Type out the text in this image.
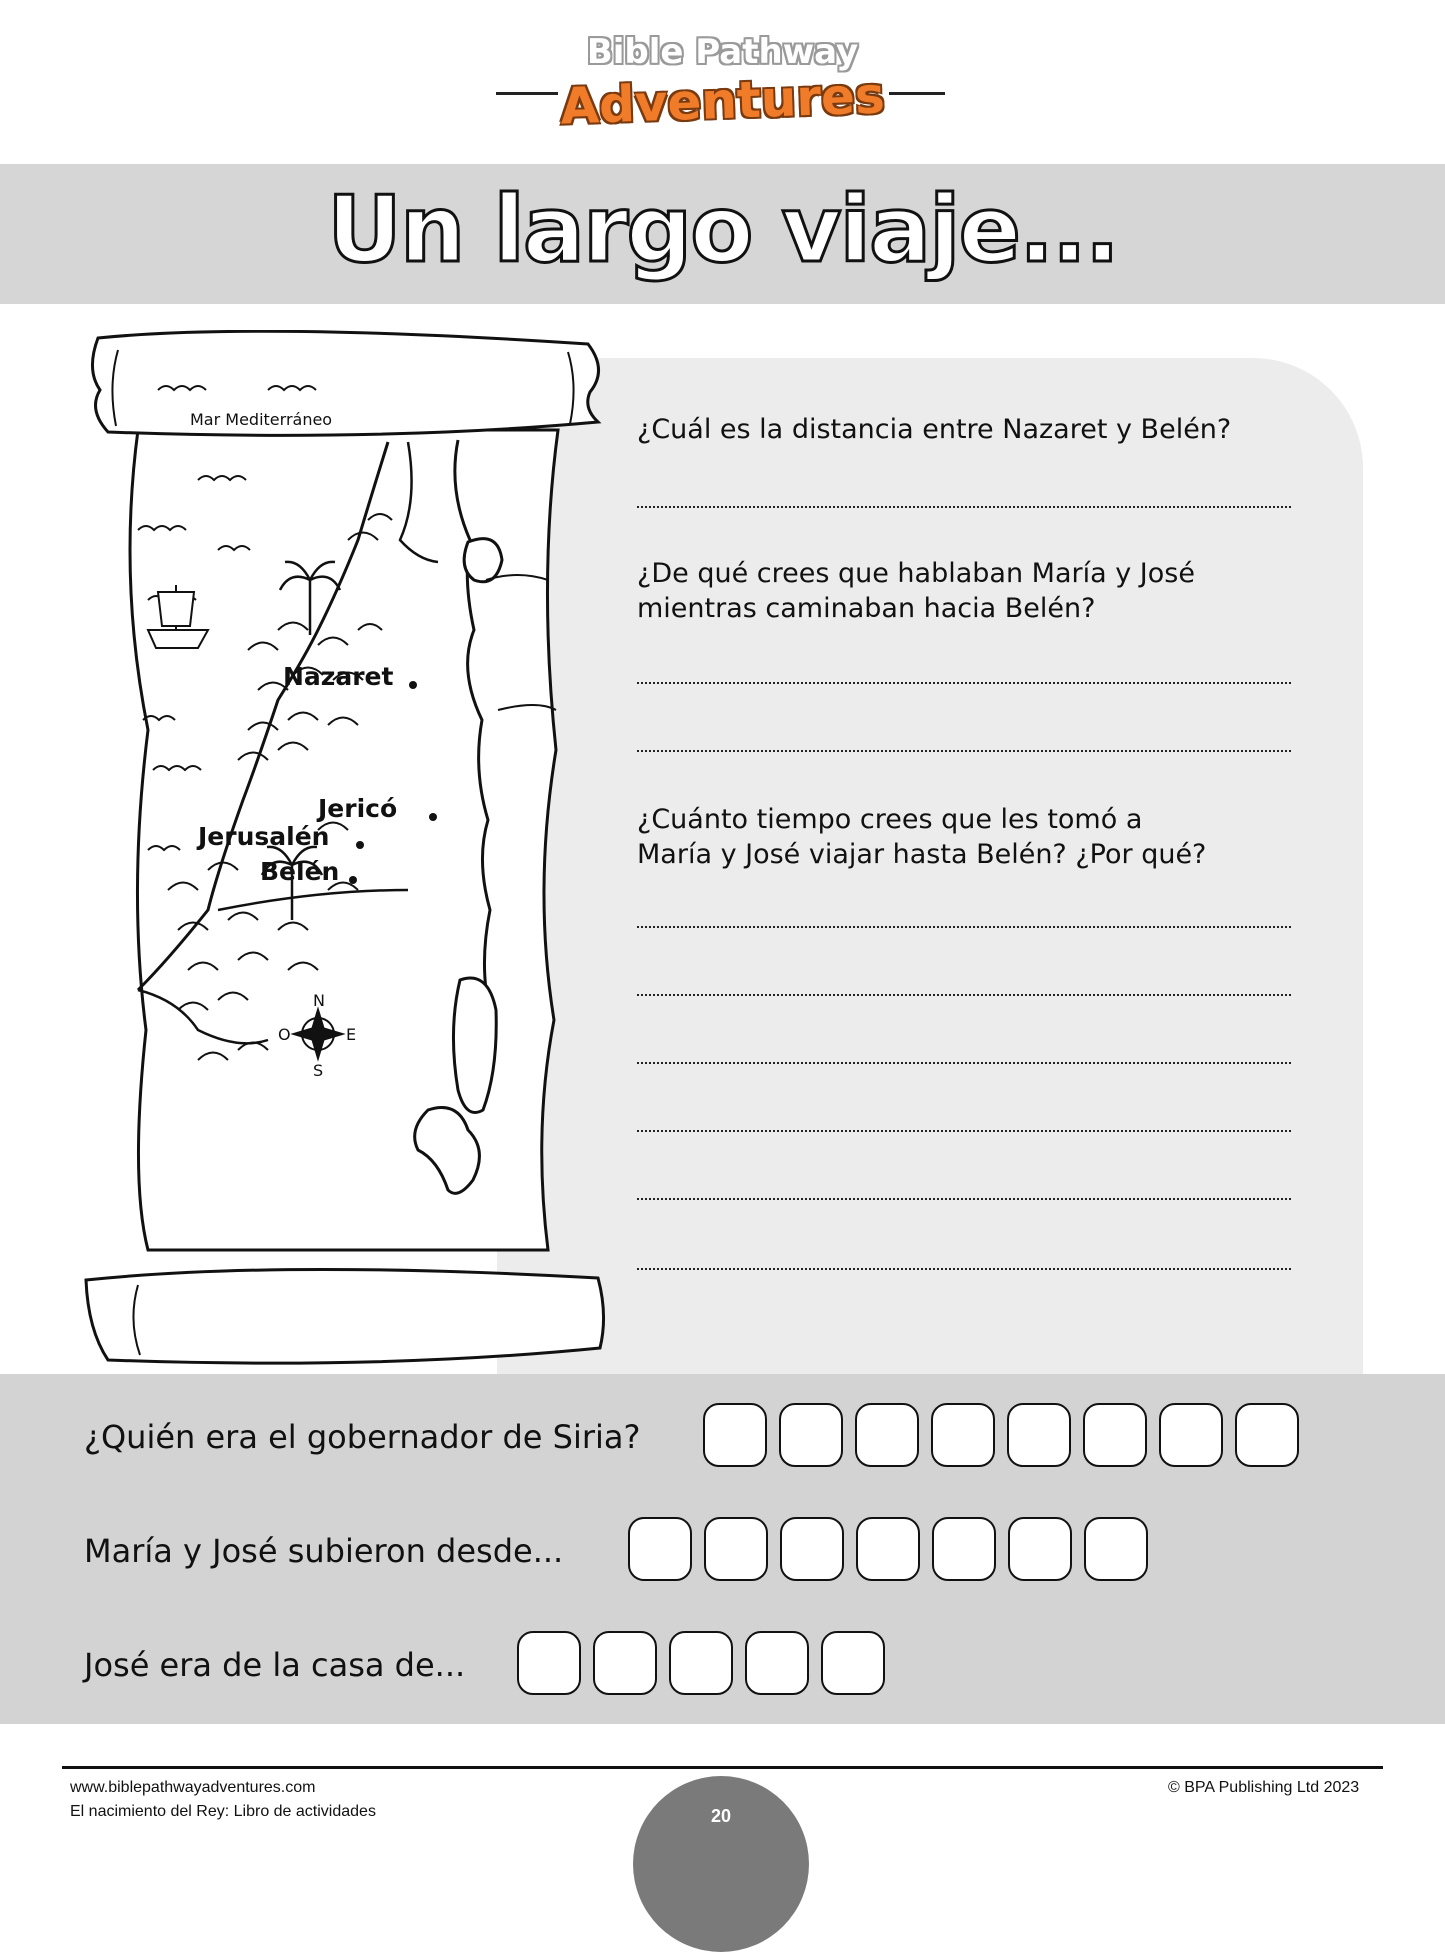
Bible Pathway
Adventures
Un largo viaje...
N
S
E
O
Mar Mediterráneo
Nazaret
Jericó
Jerusalén
Belén
¿Cuál es la distancia entre Nazaret y Belén?
¿De qué crees que hablaban María y José
mientras caminaban hacia Belén?
¿Cuánto tiempo crees que les tomó a
María y José viajar hasta Belén? ¿Por qué?
¿Quién era el gobernador de Siria?
María y José subieron desde...
José era de la casa de...
www.biblepathwayadventures.com
El nacimiento del Rey: Libro de actividades
© BPA Publishing Ltd 2023
20
